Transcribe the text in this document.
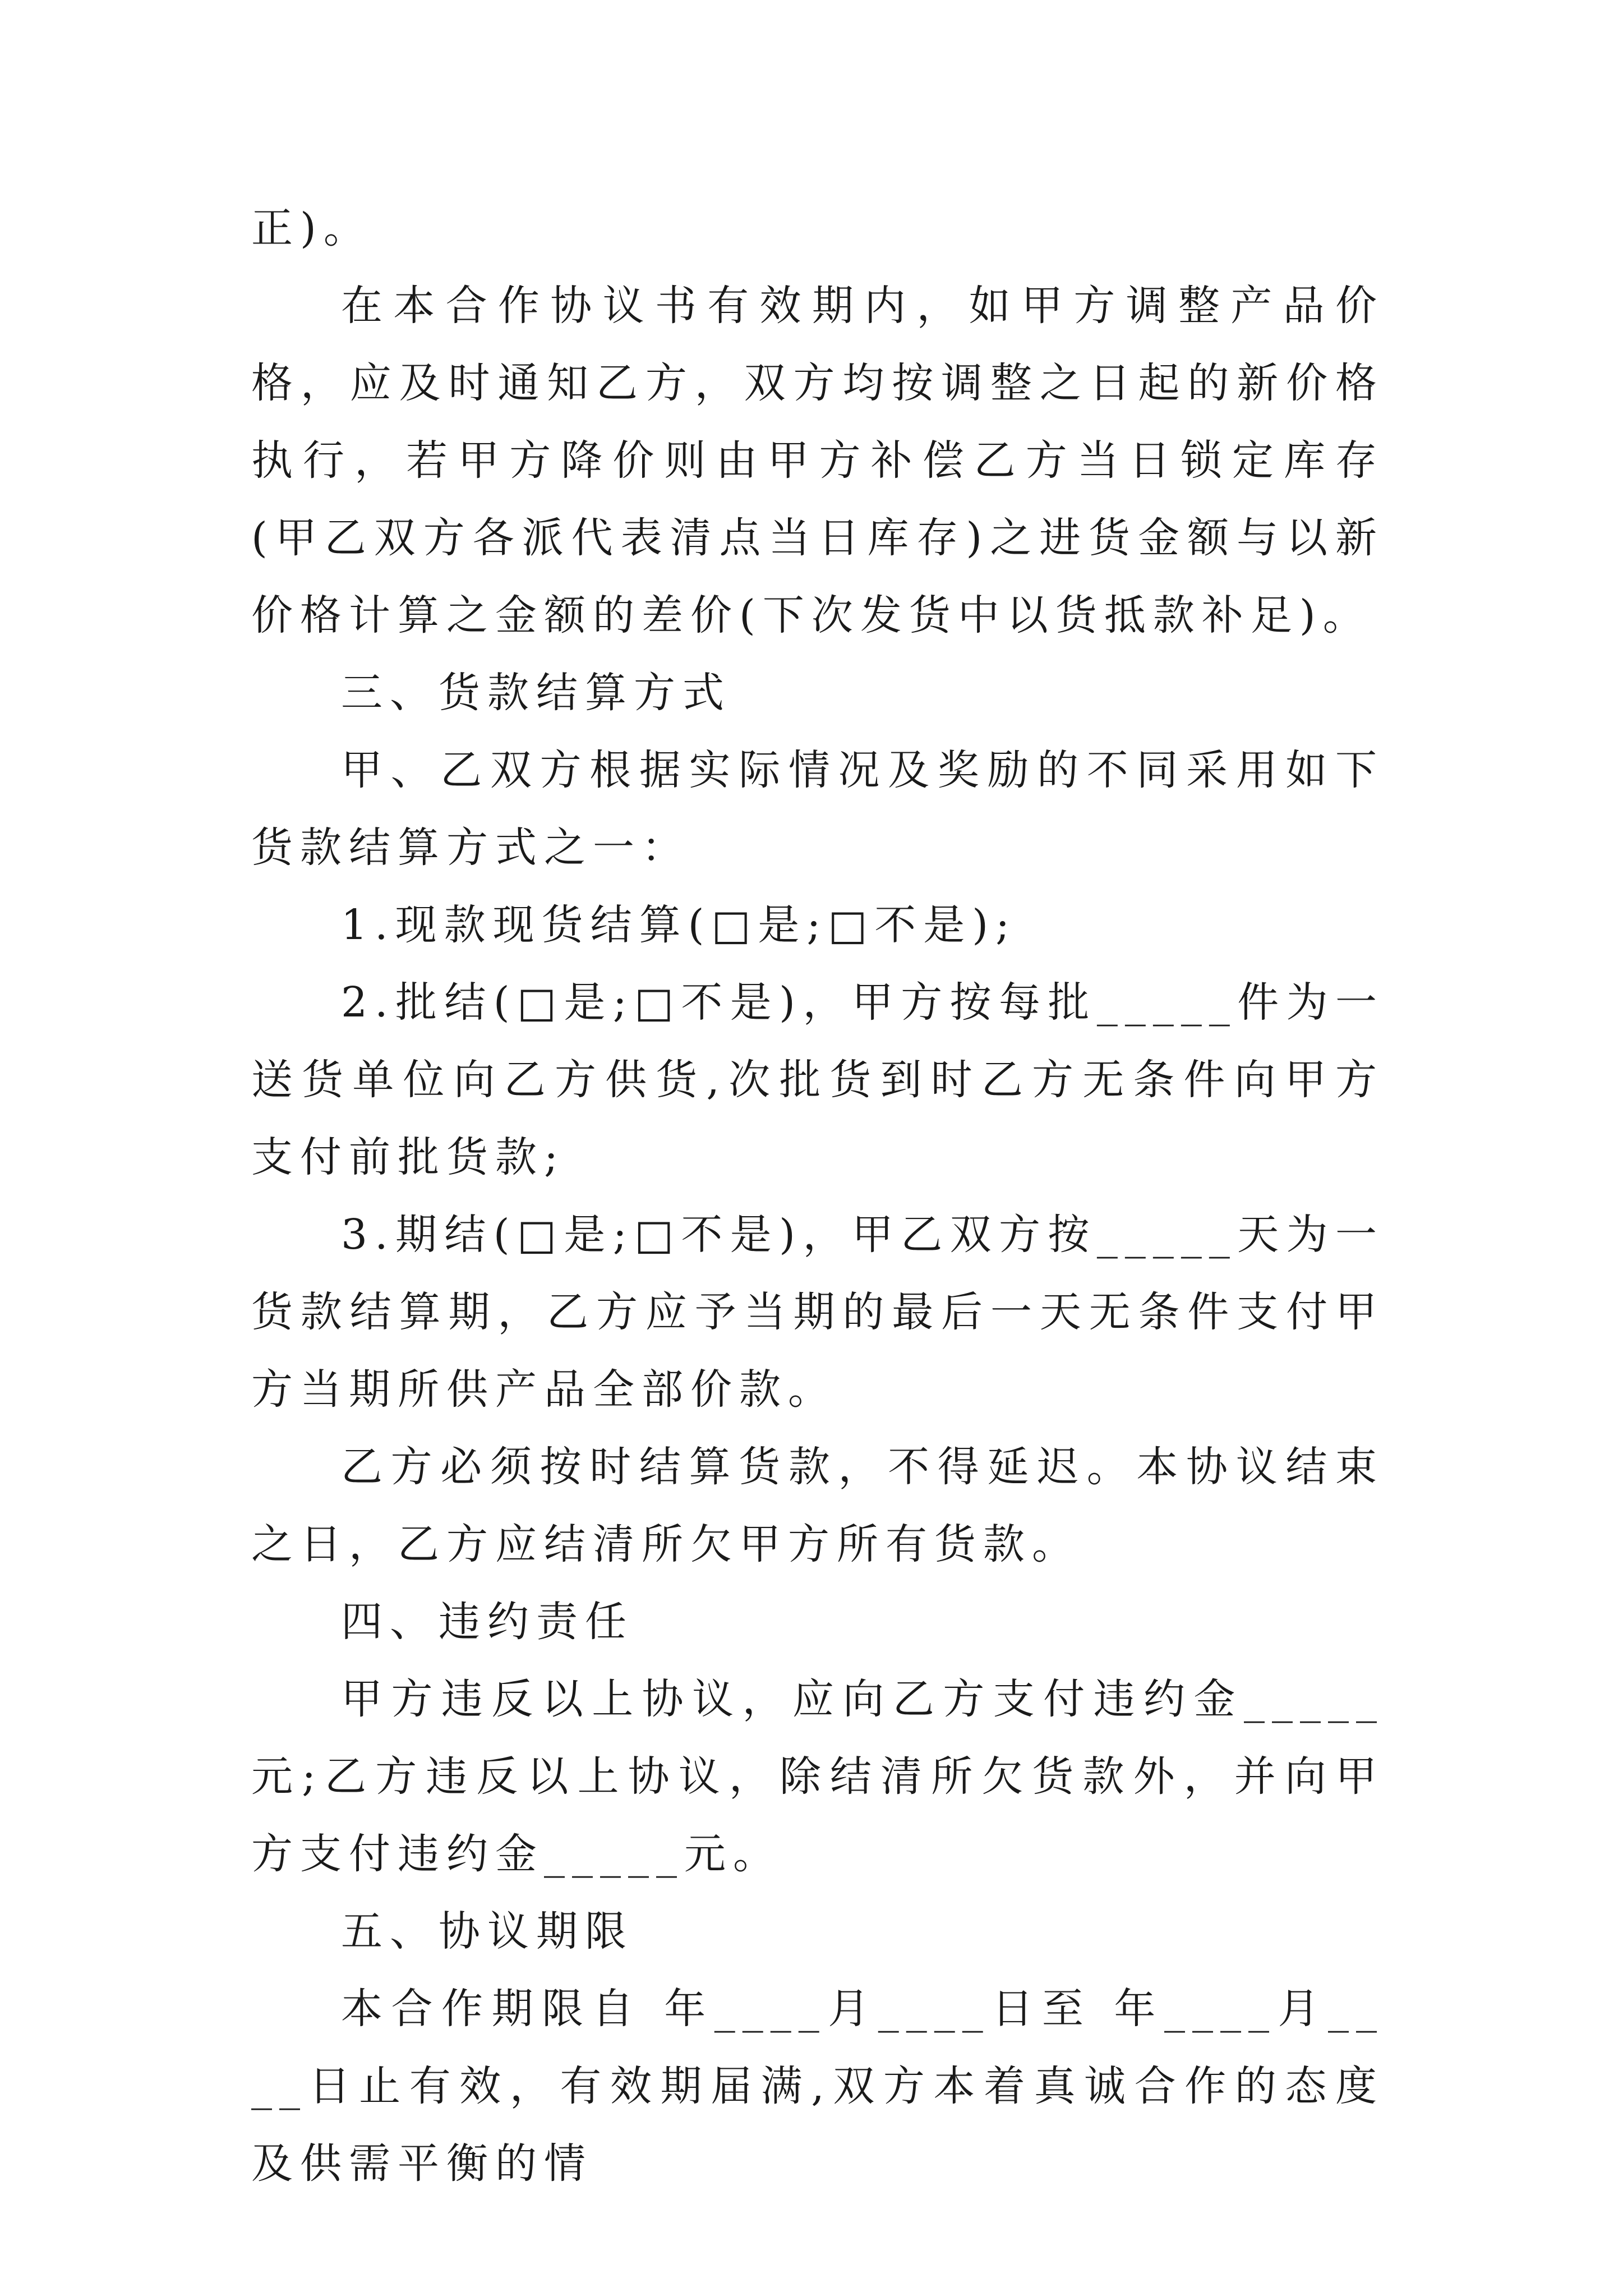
正)。

在本合作协议书有效期内，如甲方调整产品价格，应及时通知乙方，双方均按调整之日起的新价格执行，若甲方降价则由甲方补偿乙方当日锁定库存(甲乙双方各派代表清点当日库存)之进货金额与以新价格计算之金额的差价(下次发货中以货抵款补足)。

三、货款结算方式

甲、乙双方根据实际情况及奖励的不同采用如下货款结算方式之一：

1.现款现货结算(□是;□不是);

2.批结(□是;□不是)，甲方按每批_____件为一送货单位向乙方供货,次批货到时乙方无条件向甲方支付前批货款;

3.期结(□是;□不是)，甲乙双方按_____天为一货款结算期，乙方应予当期的最后一天无条件支付甲方当期所供产品全部价款。

乙方必须按时结算货款，不得延迟。本协议结束之日，乙方应结清所欠甲方所有货款。

四、违约责任

甲方违反以上协议，应向乙方支付违约金_____元;乙方违反以上协议，除结清所欠货款外，并向甲方支付违约金_____元。

五、协议期限

本合作期限自 年____月____日至 年____月____日止有效，有效期届满,双方本着真诚合作的态度及供需平衡的情
